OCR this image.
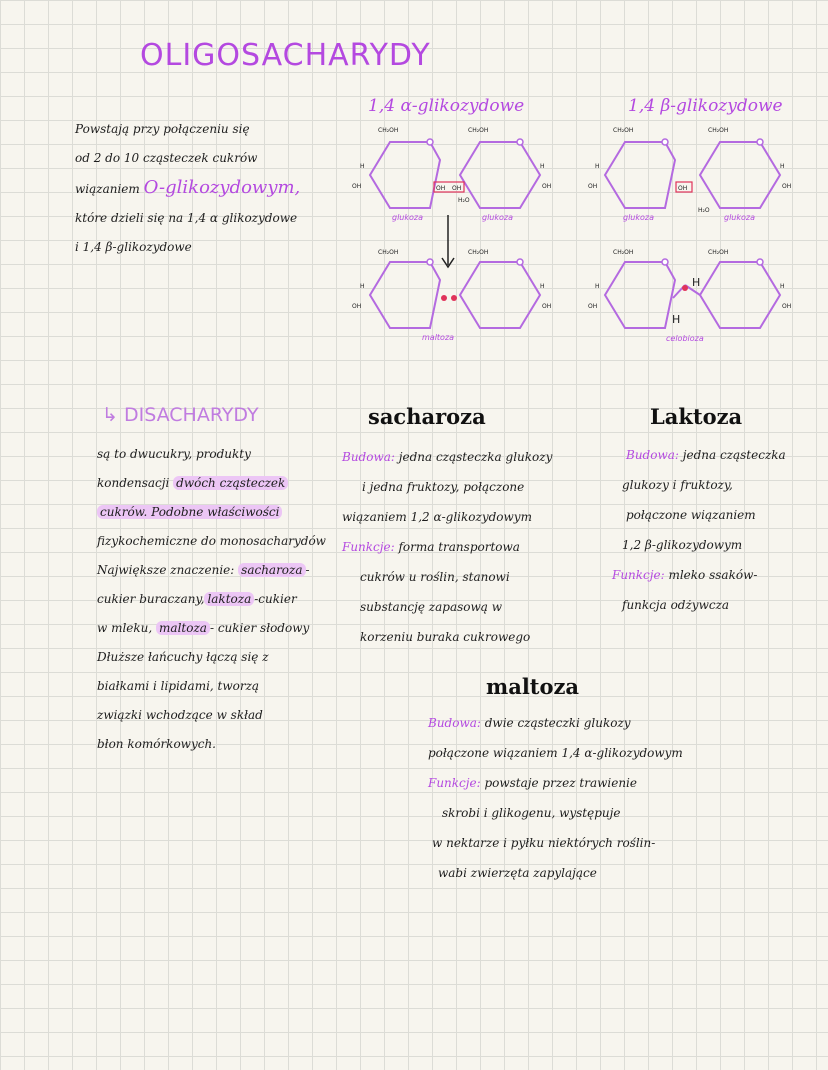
OLIGOSACHARYDY
Powstają przy połączeniu się
od 2 do 10 cząsteczek cukrów
wiązaniem O-glikozydowym,
które dzieli się na 1,4 α glikozydowe
i 1,4 β-glikozydowe
1,4 α-glikozydowe	1,4 β-glikozydowe
CH₂OH	CH₂OH
CH₂OH	CH₂OH
CH₂OH	CH₂OH
CH₂OH	CH₂OH
OH	OH OH	OH
OH	OH
OH	OH	OH
OH	OH
H	H
H	H
H	H
H	H
H₂O
H₂O
H
H
glukoza	glukoza	glukoza	glukoza
maltoza	celobioza
↳ DISACHARYDY
są to dwucukry, produkty
kondensacji dwóch cząsteczek
cukrów. Podobne właściwości
fizykochemiczne do monosacharydów
Największe znaczenie: sacharoza -
cukier buraczany, laktoza -cukier
w mleku, maltoza - cukier słodowy
Dłuższe łańcuchy łączą się z
białkami i lipidami, tworzą
związki wchodzące w skład
błon komórkowych.
sacharoza
Budowa: jedna cząsteczka glukozy
i jedna fruktozy, połączone
wiązaniem 1,2 α-glikozydowym
Funkcje: forma transportowa
cukrów u roślin, stanowi
substancję zapasową w
korzeniu buraka cukrowego
Laktoza
Budowa: jedna cząsteczka
glukozy i fruktozy,
połączone wiązaniem
1,2 β-glikozydowym
Funkcje: mleko ssaków-
funkcja odżywcza
maltoza
Budowa: dwie cząsteczki glukozy
połączone wiązaniem 1,4 α-glikozydowym
Funkcje: powstaje przez trawienie
skrobi i glikogenu, występuje
w nektarze i pyłku niektórych roślin-
wabi zwierzęta zapylające
